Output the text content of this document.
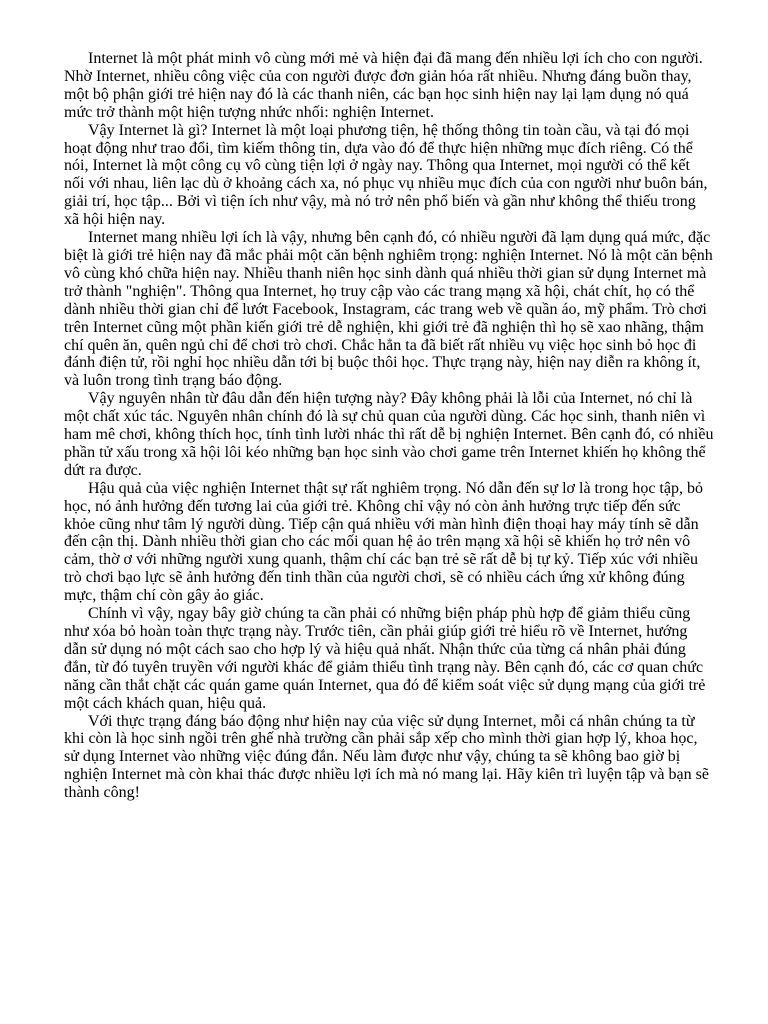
Internet là một phát minh vô cùng mới mẻ và hiện đại đã mang đến nhiều lợi ích cho con người. Nhờ Internet, nhiều công việc của con người được đơn giản hóa rất nhiều. Nhưng đáng buồn thay, một bộ phận giới trẻ hiện nay đó là các thanh niên, các bạn học sinh hiện nay lại lạm dụng nó quá mức trở thành một hiện tượng nhức nhối: nghiện Internet.

Vậy Internet là gì? Internet là một loại phương tiện, hệ thống thông tin toàn cầu, và tại đó mọi hoạt động như trao đổi, tìm kiếm thông tin, dựa vào đó để thực hiện những mục đích riêng. Có thể nói, Internet là một công cụ vô cùng tiện lợi ở ngày nay. Thông qua Internet, mọi người có thể kết nối với nhau, liên lạc dù ở khoảng cách xa, nó phục vụ nhiều mục đích của con người như buôn bán, giải trí, học tập... Bởi vì tiện ích như vậy, mà nó trở nên phổ biến và gần như không thể thiếu trong xã hội hiện nay.

Internet mang nhiều lợi ích là vậy, nhưng bên cạnh đó, có nhiều người đã lạm dụng quá mức, đặc biệt là giới trẻ hiện nay đã mắc phải một căn bệnh nghiêm trọng: nghiện Internet. Nó là một căn bệnh vô cùng khó chữa hiện nay. Nhiều thanh niên học sinh dành quá nhiều thời gian sử dụng Internet mà trở thành "nghiện". Thông qua Internet, họ truy cập vào các trang mạng xã hội, chát chít, họ có thể dành nhiều thời gian chỉ để lướt Facebook, Instagram, các trang web về quần áo, mỹ phẩm. Trò chơi trên Internet cũng một phần kiến giới trẻ dễ nghiện, khi giới trẻ đã nghiện thì họ sẽ xao nhãng, thậm chí quên ăn, quên ngủ chỉ để chơi trò chơi. Chắc hẳn ta đã biết rất nhiều vụ việc học sinh bỏ học đi đánh điện tử, rồi nghỉ học nhiều dẫn tới bị buộc thôi học. Thực trạng này, hiện nay diễn ra không ít, và luôn trong tình trạng báo động.

Vậy nguyên nhân từ đâu dẫn đến hiện tượng này? Đây không phải là lỗi của Internet, nó chỉ là một chất xúc tác. Nguyên nhân chính đó là sự chủ quan của người dùng. Các học sinh, thanh niên vì ham mê chơi, không thích học, tính tình lười nhác thì rất dễ bị nghiện Internet. Bên cạnh đó, có nhiều phần tử xấu trong xã hội lôi kéo những bạn học sinh vào chơi game trên Internet khiến họ không thể dứt ra được.

Hậu quả của việc nghiện Internet thật sự rất nghiêm trọng. Nó dẫn đến sự lơ là trong học tập, bỏ học, nó ảnh hưởng đến tương lai của giới trẻ. Không chỉ vậy nó còn ảnh hưởng trực tiếp đến sức khỏe cũng như tâm lý người dùng. Tiếp cận quá nhiều với màn hình điện thoại hay máy tính sẽ dẫn đến cận thị. Dành nhiều thời gian cho các mối quan hệ ảo trên mạng xã hội sẽ khiến họ trở nên vô cảm, thờ ơ với những người xung quanh, thậm chí các bạn trẻ sẽ rất dễ bị tự kỷ. Tiếp xúc với nhiều trò chơi bạo lực sẽ ảnh hưởng đến tinh thần của người chơi, sẽ có nhiều cách ứng xử không đúng mực, thậm chí còn gây ảo giác.

Chính vì vậy, ngay bây giờ chúng ta cần phải có những biện pháp phù hợp để giảm thiểu cũng như xóa bỏ hoàn toàn thực trạng này. Trước tiên, cần phải giúp giới trẻ hiểu rõ về Internet, hướng dẫn sử dụng nó một cách sao cho hợp lý và hiệu quả nhất. Nhận thức của từng cá nhân phải đúng đắn, từ đó tuyên truyền với người khác để giảm thiểu tình trạng này. Bên cạnh đó, các cơ quan chức năng cần thắt chặt các quán game quán Internet, qua đó để kiểm soát việc sử dụng mạng của giới trẻ một cách khách quan, hiệu quả.

Với thực trạng đáng báo động như hiện nay của việc sử dụng Internet, mỗi cá nhân chúng ta từ khi còn là học sinh ngồi trên ghế nhà trường cần phải sắp xếp cho mình thời gian hợp lý, khoa học, sử dụng Internet vào những việc đúng đắn. Nếu làm được như vậy, chúng ta sẽ không bao giờ bị nghiện Internet mà còn khai thác được nhiều lợi ích mà nó mang lại. Hãy kiên trì luyện tập và bạn sẽ thành công!
